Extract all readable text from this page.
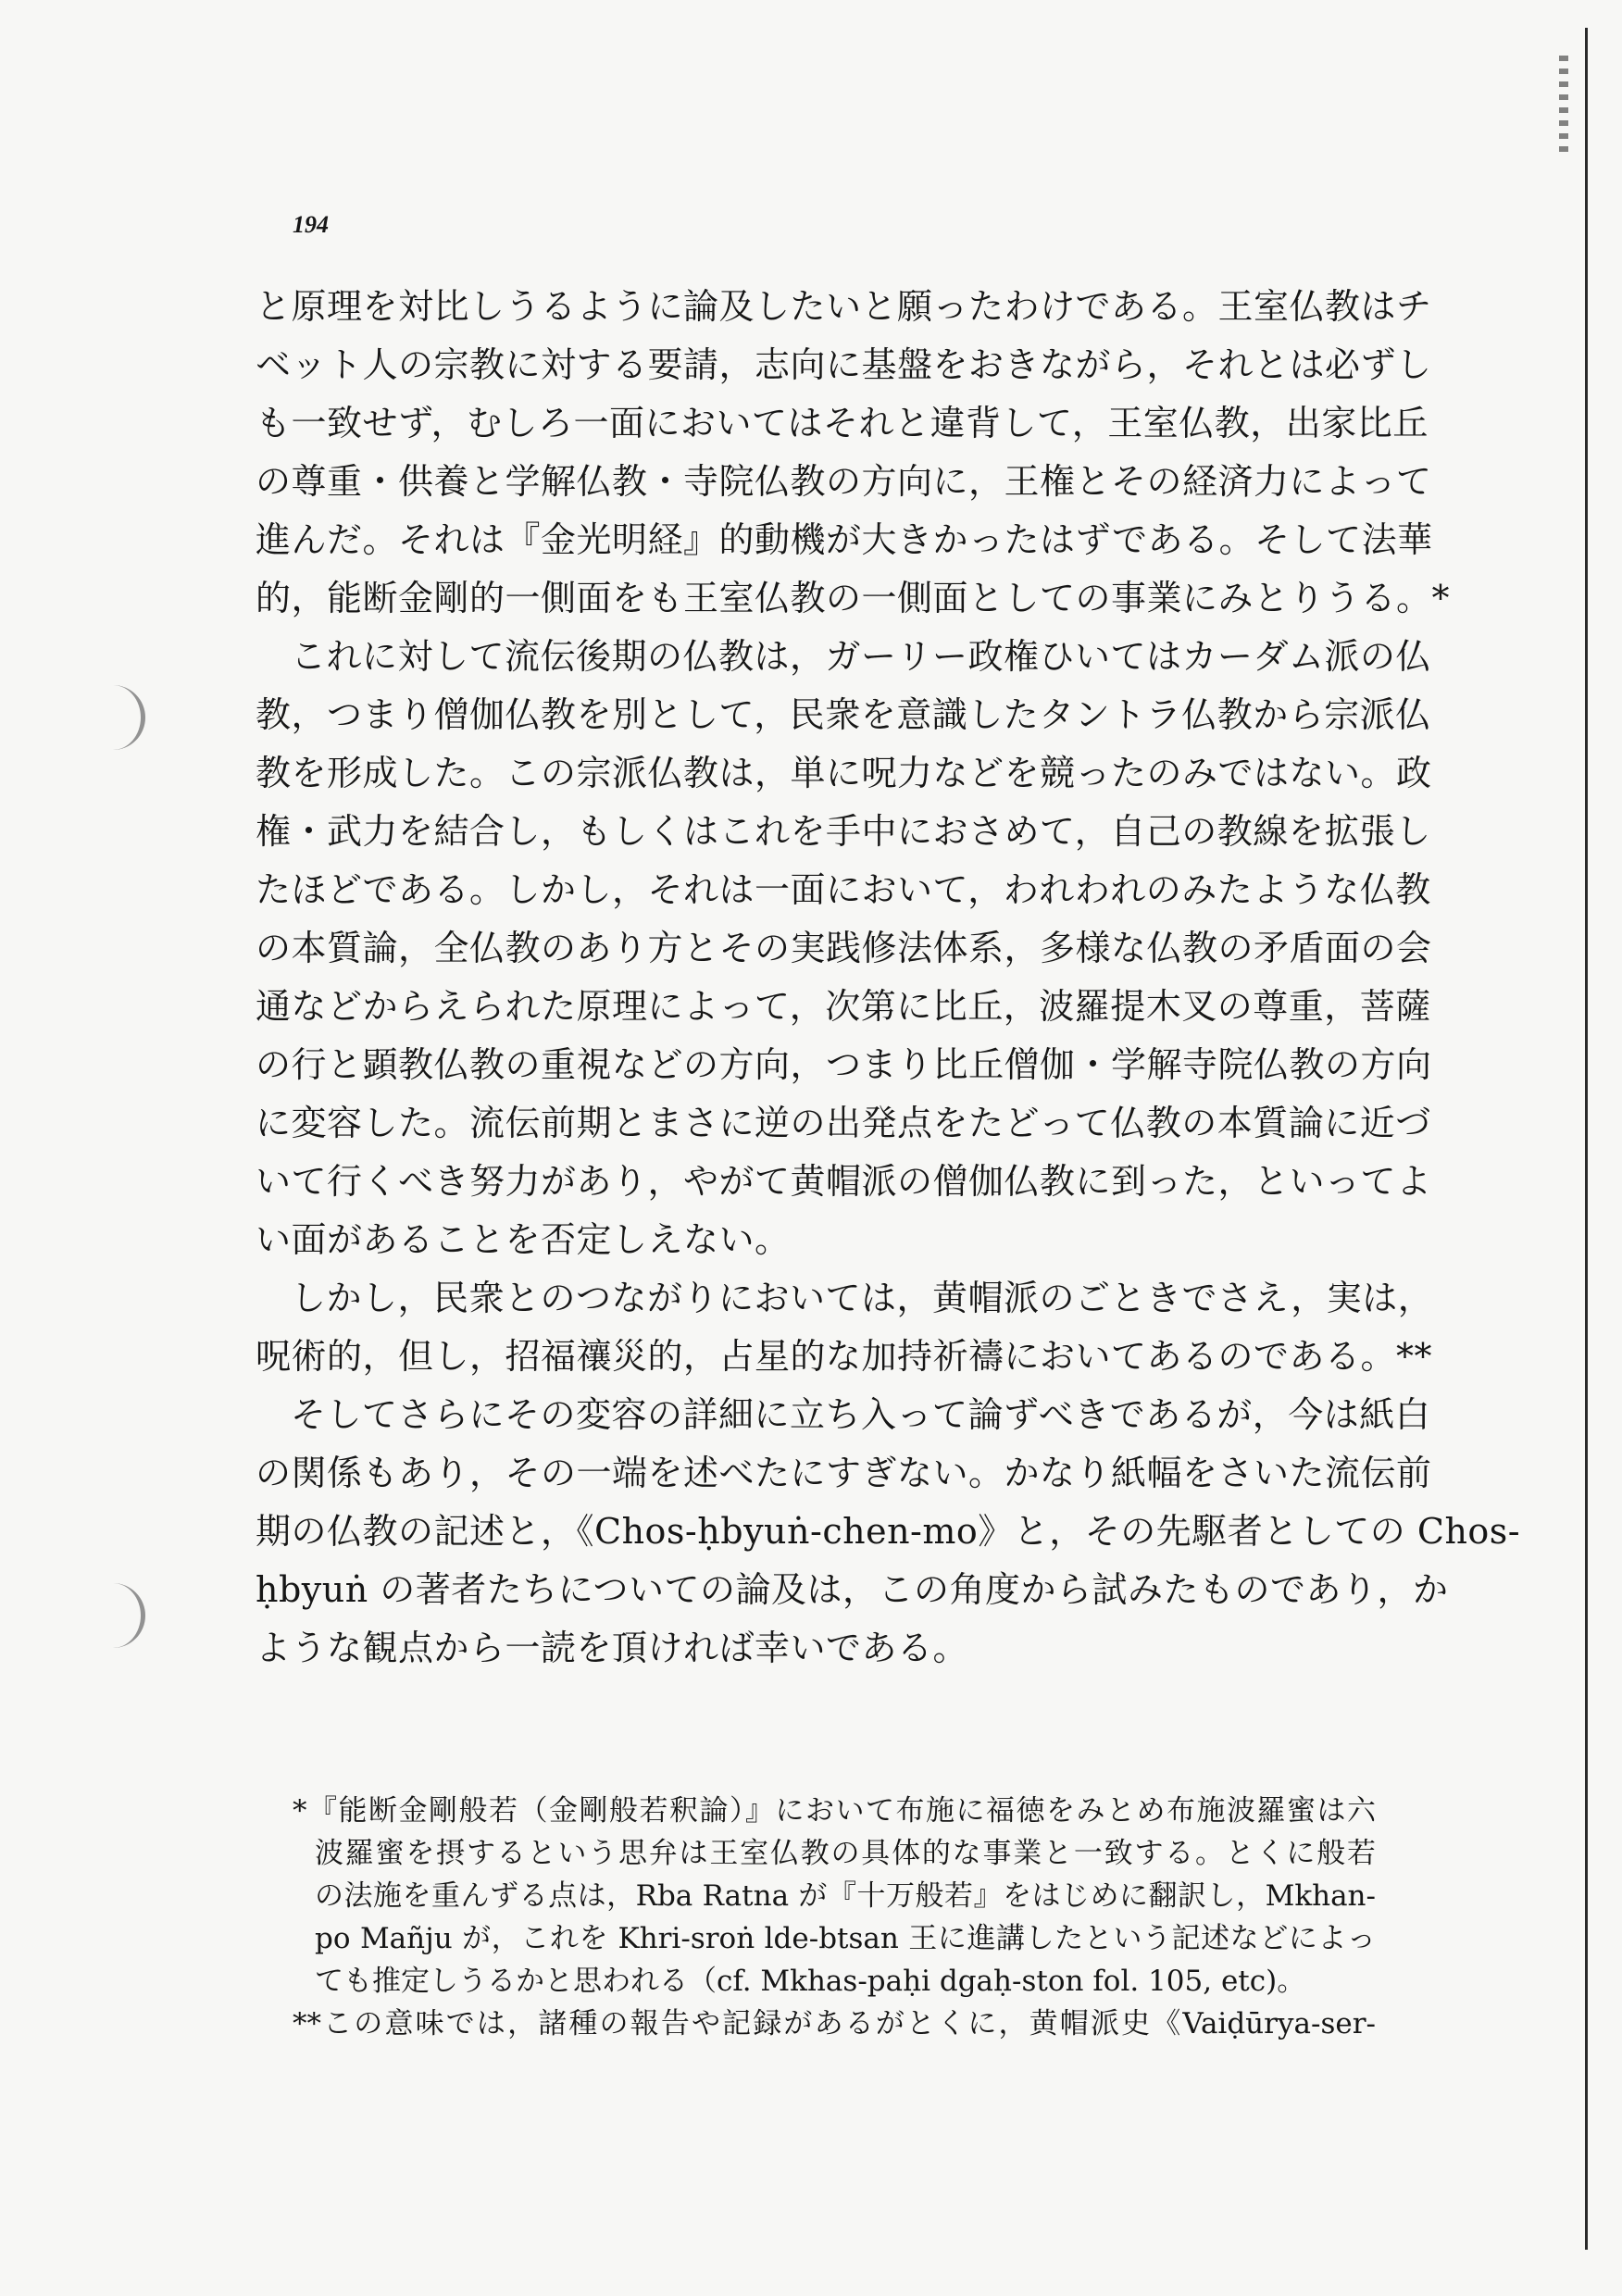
194
と原理を対比しうるように論及したいと願ったわけである。王室仏教はチ
ベット人の宗教に対する要請，志向に基盤をおきながら，それとは必ずし
も一致せず，むしろ一面においてはそれと違背して，王室仏教，出家比丘
の尊重・供養と学解仏教・寺院仏教の方向に，王権とその経済力によって
進んだ。それは『金光明経』的動機が大きかったはずである。そして法華
的，能断金剛的一側面をも王室仏教の一側面としての事業にみとりうる。*
これに対して流伝後期の仏教は，ガーリー政権ひいてはカーダム派の仏
教，つまり僧伽仏教を別として，民衆を意識したタントラ仏教から宗派仏
教を形成した。この宗派仏教は，単に呪力などを競ったのみではない。政
権・武力を結合し，もしくはこれを手中におさめて，自己の教線を拡張し
たほどである。しかし，それは一面において，われわれのみたような仏教
の本質論，全仏教のあり方とその実践修法体系，多様な仏教の矛盾面の会
通などからえられた原理によって，次第に比丘，波羅提木叉の尊重，菩薩
の行と顕教仏教の重視などの方向，つまり比丘僧伽・学解寺院仏教の方向
に変容した。流伝前期とまさに逆の出発点をたどって仏教の本質論に近づ
いて行くべき努力があり，やがて黄帽派の僧伽仏教に到った，といってよ
い面があることを否定しえない。
しかし，民衆とのつながりにおいては，黄帽派のごときでさえ，実は，
呪術的，但し，招福禳災的，占星的な加持祈禱においてあるのである。**
そしてさらにその変容の詳細に立ち入って論ずべきであるが，今は紙白
の関係もあり，その一端を述べたにすぎない。かなり紙幅をさいた流伝前
期の仏教の記述と，《Chos-ḥbyuṅ-chen-mo》と，その先駆者としての Chos-
ḥbyuṅ の著者たちについての論及は，この角度から試みたものであり，か
ような観点から一読を頂ければ幸いである。
*『能断金剛般若（金剛般若釈論）』において布施に福徳をみとめ布施波羅蜜は六
波羅蜜を摂するという思弁は王室仏教の具体的な事業と一致する。とくに般若
の法施を重んずる点は，Rba Ratna が『十万般若』をはじめに翻訳し，Mkhan-
po Mañju が，これを Khri-sroṅ lde-btsan 王に進講したという記述などによっ
ても推定しうるかと思われる（cf. Mkhas-paḥi dgaḥ-ston fol. 105, etc)。
**この意味では，諸種の報告や記録があるがとくに，黄帽派史《Vaiḍūrya-ser-
